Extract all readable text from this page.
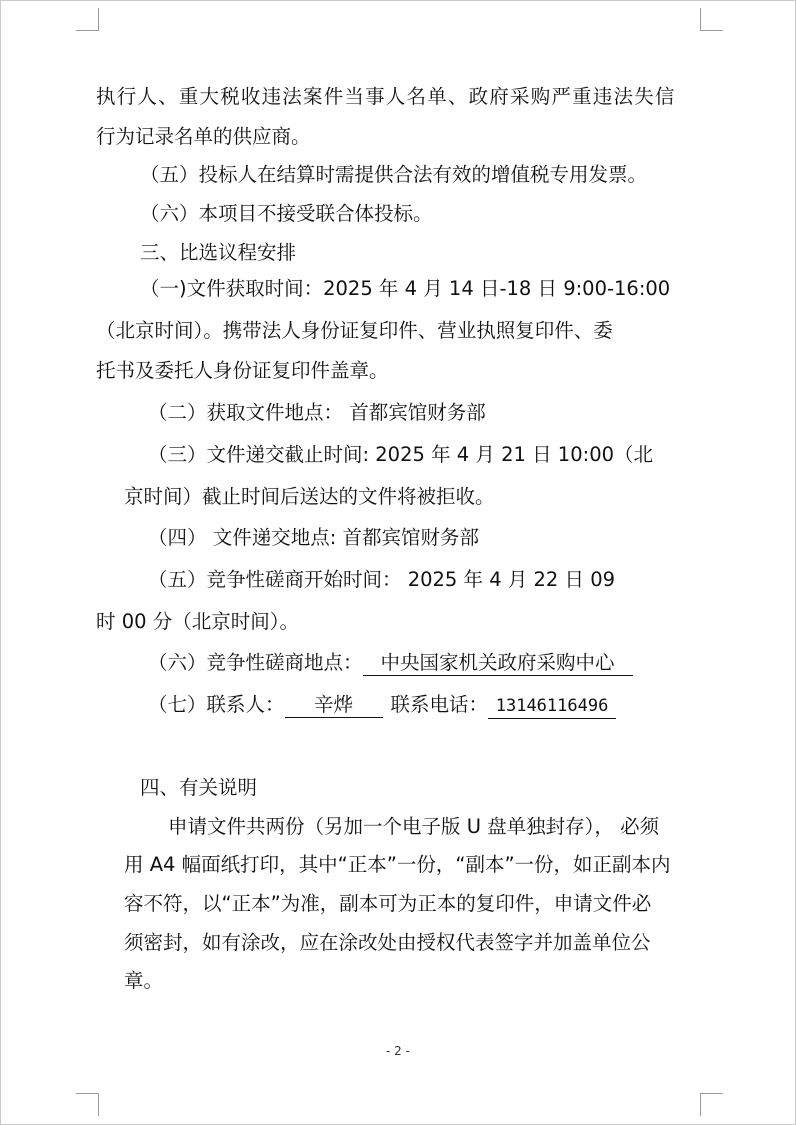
执行人、重大税收违法案件当事人名单、政府采购严重违法失信
行为记录名单的供应商。
（五）投标人在结算时需提供合法有效的增值税专用发票。
（六）本项目不接受联合体投标。
三、比选议程安排
（一)文件获取时间：2025 年 4 月 14 日-18 日 9:00-16:00
（北京时间）。携带法人身份证复印件、营业执照复印件、委
托书及委托人身份证复印件盖章。
（二）获取文件地点： 首都宾馆财务部
（三）文件递交截止时间: 2025 年 4 月 21 日 10:00（北
京时间）截止时间后送达的文件将被拒收。
（四） 文件递交地点: 首都宾馆财务部
（五）竞争性磋商开始时间： 2025 年 4 月 22 日 09
时 00 分（北京时间）。
（六）竞争性磋商地点： 中央国家机关政府采购中心
（七）联系人： 辛烨 联系电话： 13146116496
四、有关说明
申请文件共两份（另加一个电子版 U 盘单独封存）， 必须
用 A4 幅面纸打印，其中“正本”一份，“副本”一份，如正副本内
容不符，以“正本”为准，副本可为正本的复印件，申请文件必
须密封，如有涂改，应在涂改处由授权代表签字并加盖单位公
章。
- 2 -
